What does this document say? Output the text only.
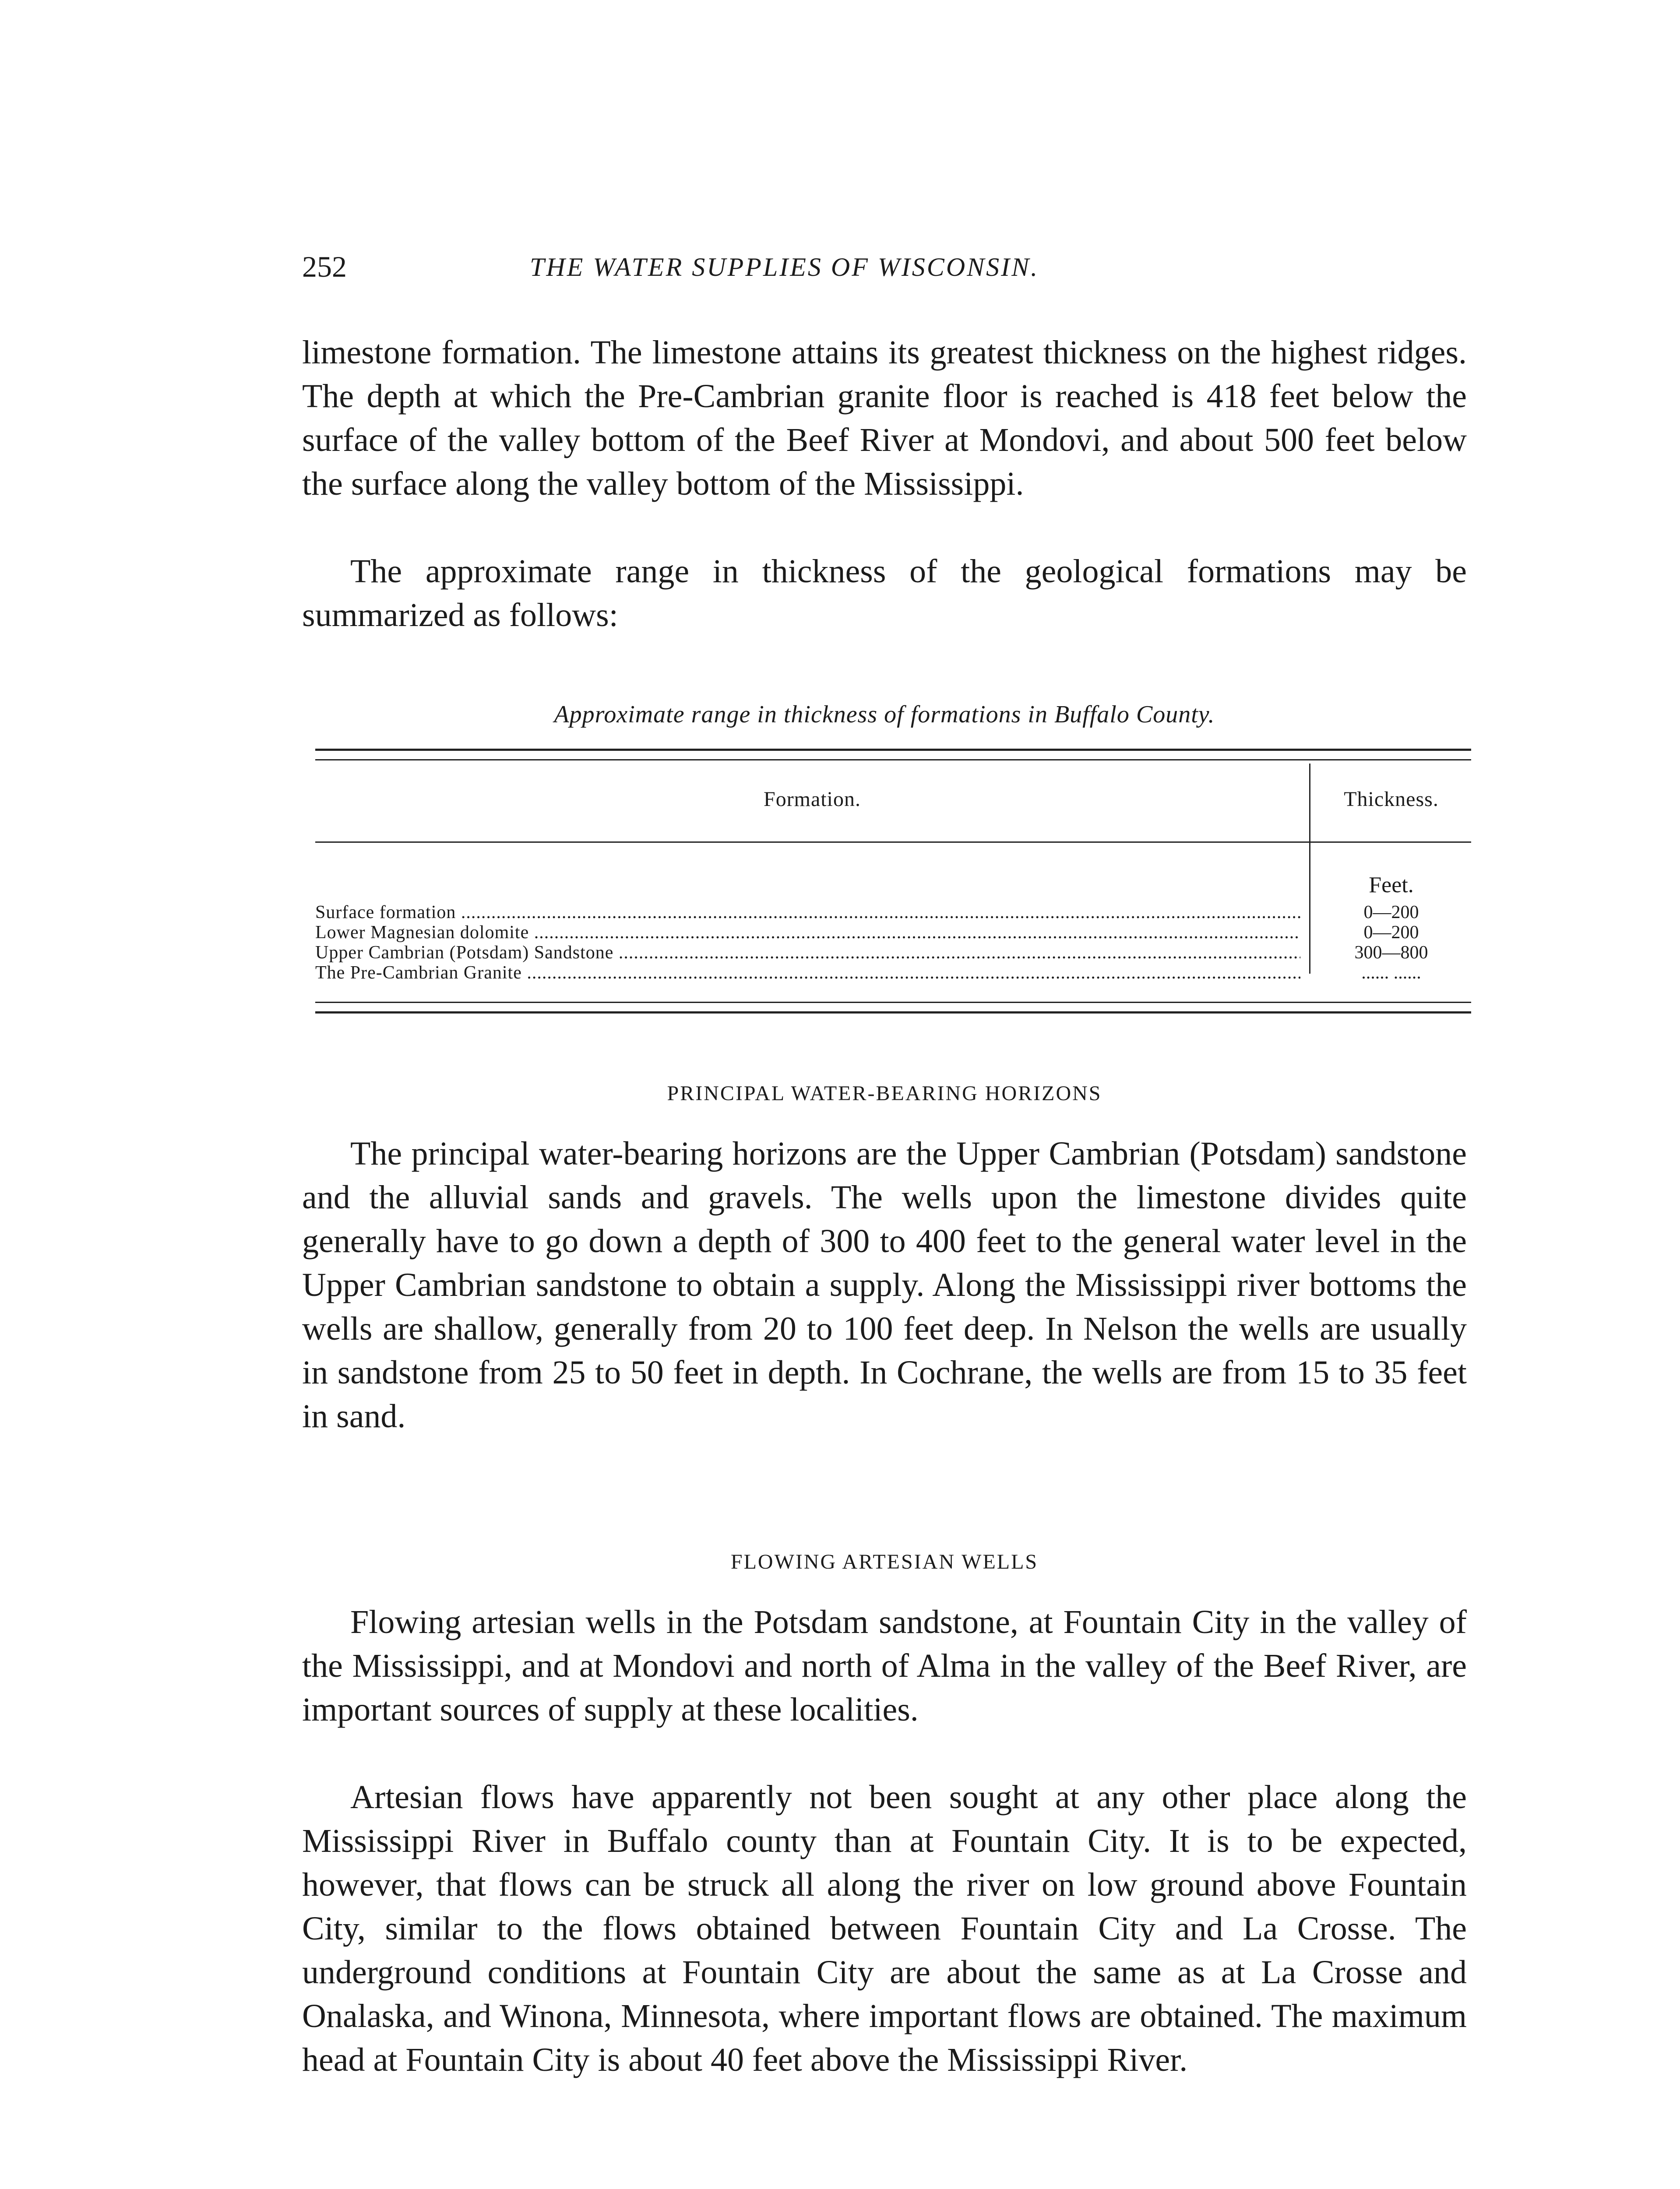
252	THE WATER SUPPLIES OF WISCONSIN.

limestone formation. The limestone attains its greatest thickness on the highest ridges. The depth at which the Pre-Cambrian granite floor is reached is 418 feet below the surface of the valley bottom of the Beef River at Mondovi, and about 500 feet below the surface along the valley bottom of the Mississippi.

The approximate range in thickness of the geological formations may be summarized as follows:

Approximate range in thickness of formations in Buffalo County.
Formation.	Thickness.
Feet.
Surface formation .....	0—200
Lower Magnesian dolomite .....	0—200
Upper Cambrian (Potsdam) Sandstone .....	300—800
The Pre-Cambrian Granite .....	...... ......
PRINCIPAL WATER-BEARING HORIZONS

The principal water-bearing horizons are the Upper Cambrian (Potsdam) sandstone and the alluvial sands and gravels. The wells upon the limestone divides quite generally have to go down a depth of 300 to 400 feet to the general water level in the Upper Cambrian sandstone to obtain a supply. Along the Mississippi river bottoms the wells are shallow, generally from 20 to 100 feet deep. In Nelson the wells are usually in sandstone from 25 to 50 feet in depth. In Cochrane, the wells are from 15 to 35 feet in sand.

FLOWING ARTESIAN WELLS

Flowing artesian wells in the Potsdam sandstone, at Fountain City in the valley of the Mississippi, and at Mondovi and north of Alma in the valley of the Beef River, are important sources of supply at these localities.

Artesian flows have apparently not been sought at any other place along the Mississippi River in Buffalo county than at Fountain City. It is to be expected, however, that flows can be struck all along the river on low ground above Fountain City, similar to the flows obtained between Fountain City and La Crosse. The underground conditions at Fountain City are about the same as at La Crosse and Onalaska, and Winona, Minnesota, where important flows are obtained. The maximum head at Fountain City is about 40 feet above the Mississippi River.
